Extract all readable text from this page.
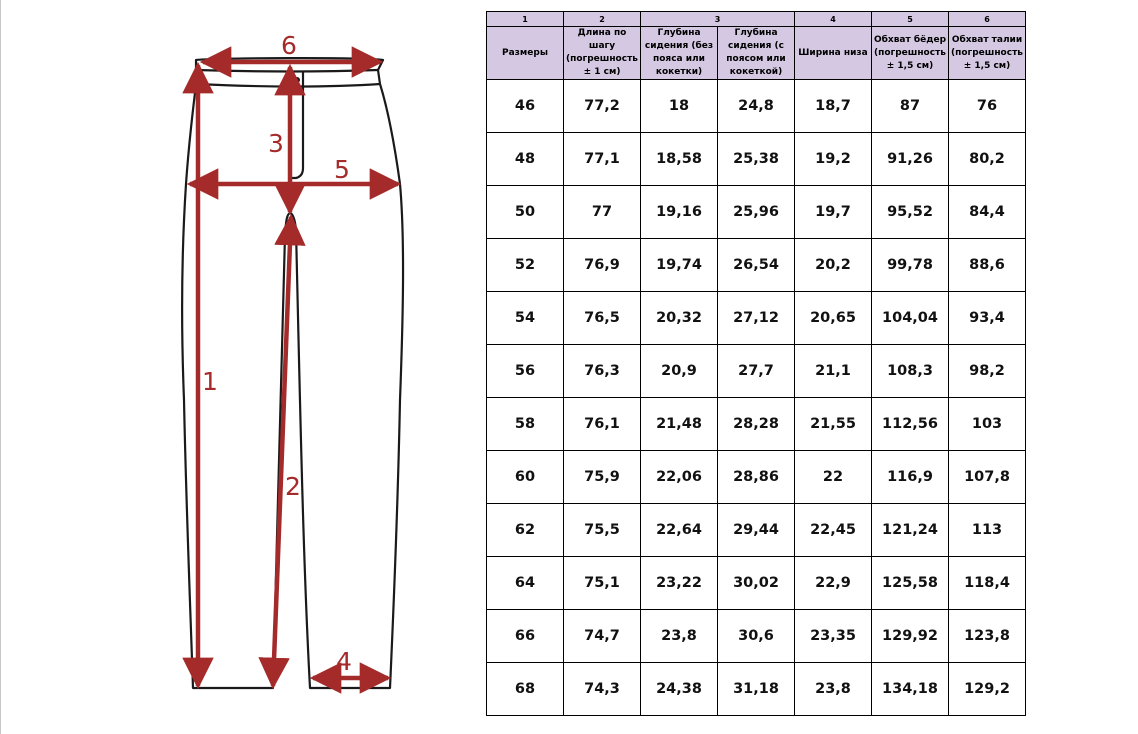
1
2
3
4
5
6
1	2	3		4	5	6
Размеры	Длина по шагу (погрешность ± 1 см)	Глубина сидения (без пояса или кокетки)	Глубина сидения (с поясом или кокеткой)	Ширина низа	Обхват бёдер (погрешность ± 1,5 см)	Обхват талии (погрешность ± 1,5 см)
46	77,2	18	24,8	18,7	87	76
48	77,1	18,58	25,38	19,2	91,26	80,2
50	77	19,16	25,96	19,7	95,52	84,4
52	76,9	19,74	26,54	20,2	99,78	88,6
54	76,5	20,32	27,12	20,65	104,04	93,4
56	76,3	20,9	27,7	21,1	108,3	98,2
58	76,1	21,48	28,28	21,55	112,56	103
60	75,9	22,06	28,86	22	116,9	107,8
62	75,5	22,64	29,44	22,45	121,24	113
64	75,1	23,22	30,02	22,9	125,58	118,4
66	74,7	23,8	30,6	23,35	129,92	123,8
68	74,3	24,38	31,18	23,8	134,18	129,2
